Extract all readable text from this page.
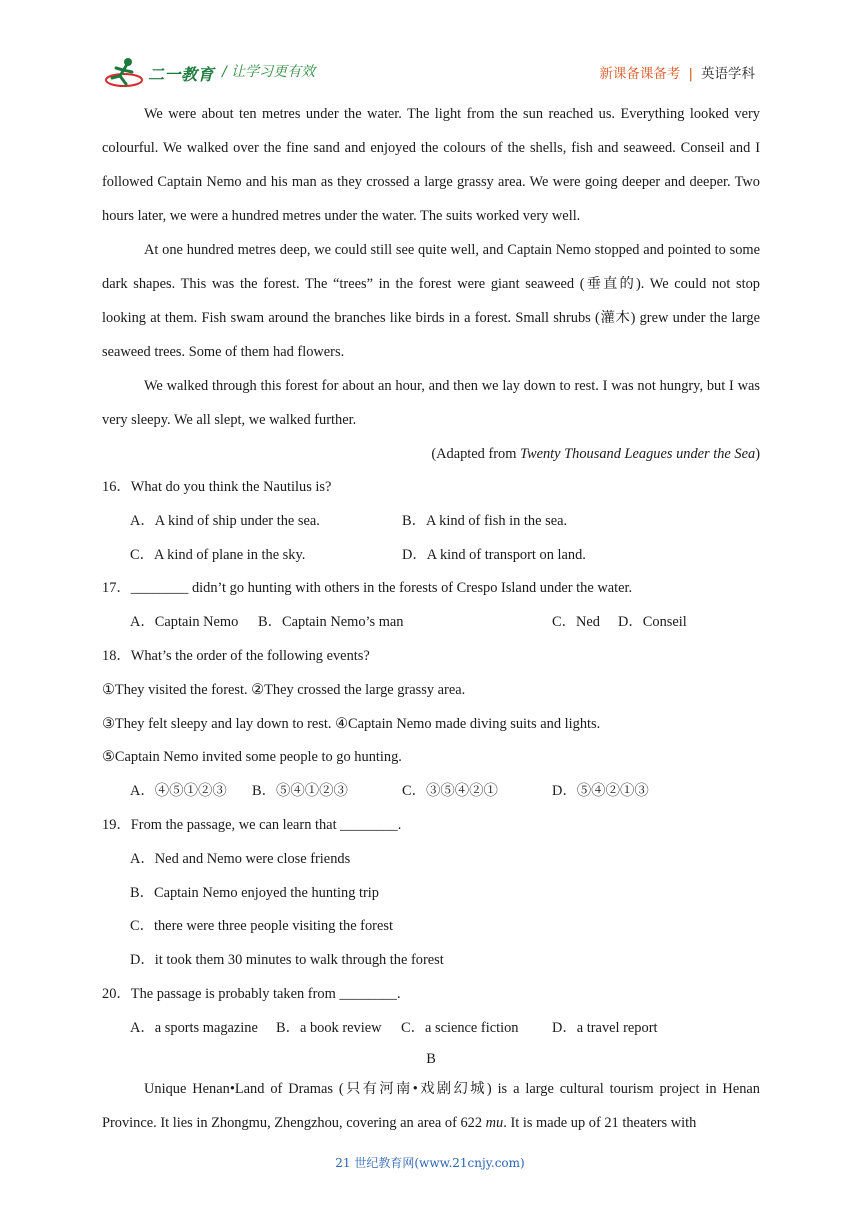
二一教育 / 让学习更有效	新课备课备考 | 英语学科

We were about ten metres under the water. The light from the sun reached us. Everything looked very colourful. We walked over the fine sand and enjoyed the colours of the shells, fish and seaweed. Conseil and I followed Captain Nemo and his man as they crossed a large grassy area. We were going deeper and deeper. Two hours later, we were a hundred metres under the water. The suits worked very well.

At one hundred metres deep, we could still see quite well, and Captain Nemo stopped and pointed to some dark shapes. This was the forest. The “trees” in the forest were giant seaweed (垂直的). We could not stop looking at them. Fish swam around the branches like birds in a forest. Small shrubs (灌木) grew under the large seaweed trees. Some of them had flowers.

We walked through this forest for about an hour, and then we lay down to rest. I was not hungry, but I was very sleepy. We all slept, we walked further.

(Adapted from Twenty Thousand Leagues under the Sea)

16．What do you think the Nautilus is?

A．A kind of ship under the sea.	B．A kind of fish in the sea.
C．A kind of plane in the sky.	D．A kind of transport on land.

17．________ didn’t go hunting with others in the forests of Crespo Island under the water.

A．Captain Nemo B．Captain Nemo’s man	C．Ned D．Conseil

18．What’s the order of the following events?

①They visited the forest. ②They crossed the large grassy area.

③They felt sleepy and lay down to rest. ④Captain Nemo made diving suits and lights.

⑤Captain Nemo invited some people to go hunting.

A．④⑤①②③ B．⑤④①②③	C．③⑤④②①	D．⑤④②①③

19．From the passage, we can learn that ________.

A．Ned and Nemo were close friends
B．Captain Nemo enjoyed the hunting trip
C．there were three people visiting the forest
D．it took them 30 minutes to walk through the forest

20．The passage is probably taken from ________.

A．a sports magazine B．a book review C．a science fiction D．a travel report

B

Unique Henan•Land of Dramas (只有河南•戏剧幻城) is a large cultural tourism project in Henan Province. It lies in Zhongmu, Zhengzhou, covering an area of 622 mu. It is made up of 21 theaters with

21 世纪教育网(www.21cnjy.com)
